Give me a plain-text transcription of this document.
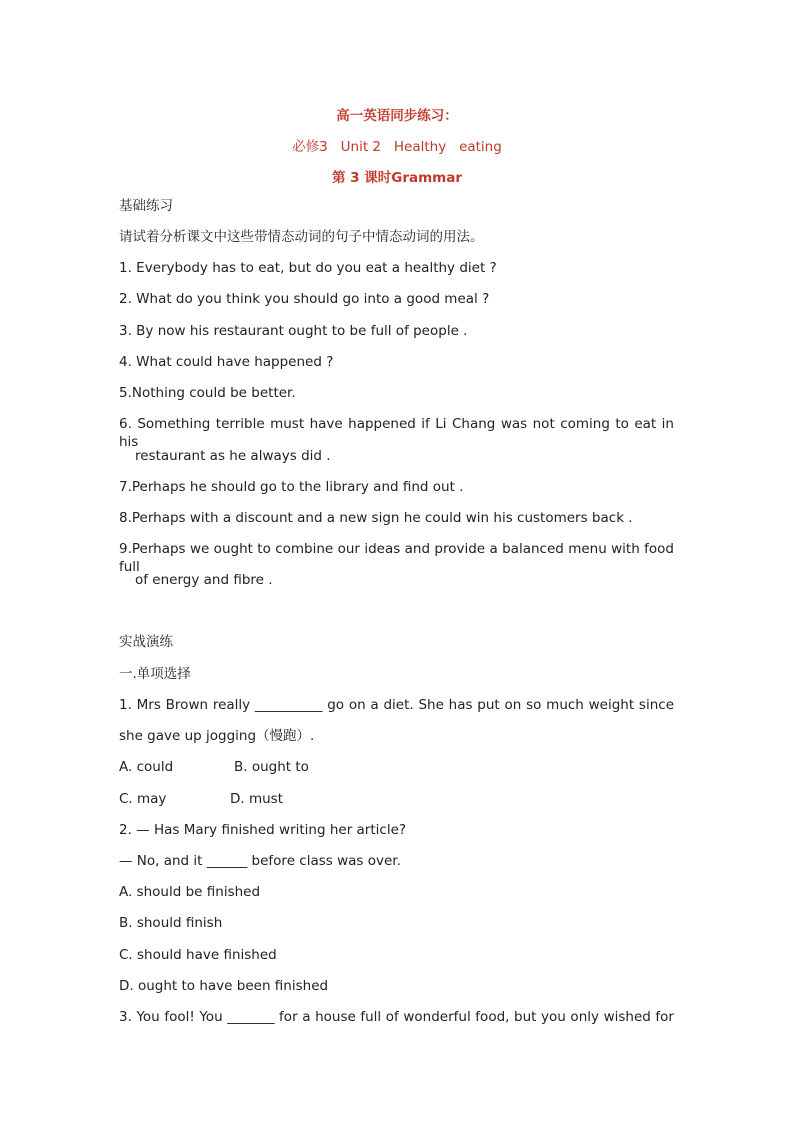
高一英语同步练习：
必修3   Unit 2   Healthy   eating
第 3 课时Grammar
基础练习
请试着分析课文中这些带情态动词的句子中情态动词的用法。
1. Everybody has to eat, but do you eat a healthy diet ?
2. What do you think you should go into a good meal ?
3. By now his restaurant ought to be full of people .
4. What could have happened ?
5.Nothing could be better.
6. Something terrible must have happened if Li Chang was not coming to eat in his
restaurant as he always did .
7.Perhaps he should go to the library and find out .
8.Perhaps with a discount and a new sign he could win his customers back .
9.Perhaps we ought to combine our ideas and provide a balanced menu with food full
of energy and fibre .
实战演练
一.单项选择
1. Mrs Brown really __________ go on a diet. She has put on so much weight since
she gave up jogging（慢跑）.
A. could	B. ought to
C. may	D. must
2. — Has Mary finished writing her article?
— No, and it ______ before class was over.
A. should be finished
B. should finish
C. should have finished
D. ought to have been finished
3. You fool! You _______ for a house full of wonderful food, but you only wished for
